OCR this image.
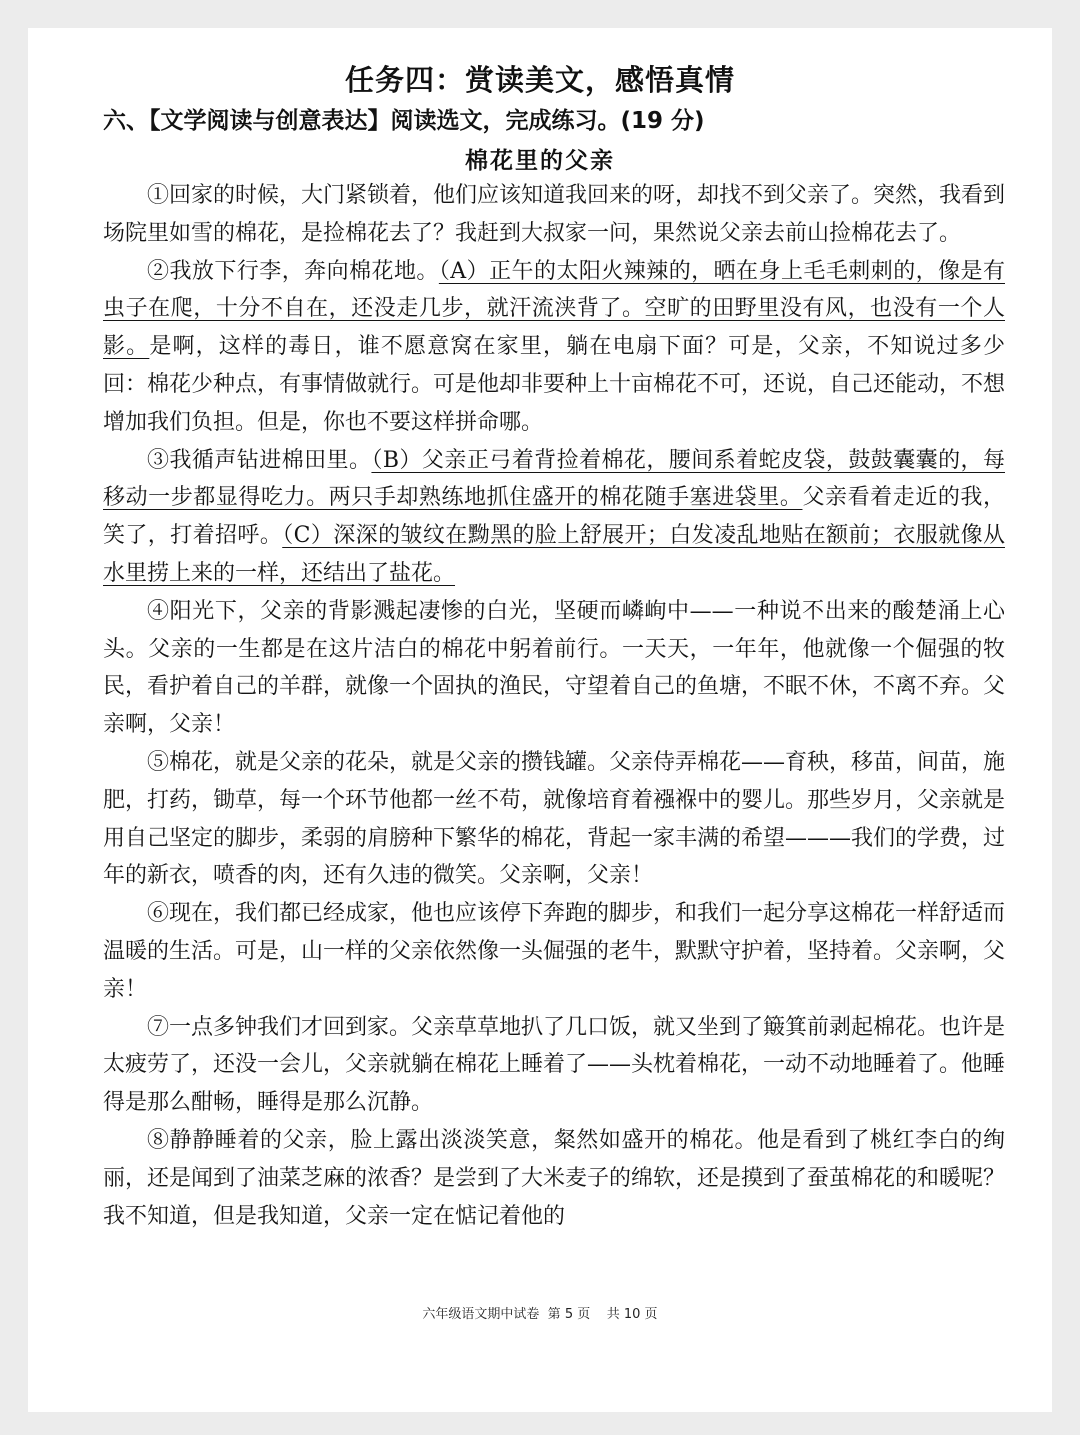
任务四：赏读美文，感悟真情
六、【文学阅读与创意表达】阅读选文，完成练习。(19 分)
棉花里的父亲

①回家的时候，大门紧锁着，他们应该知道我回来的呀，却找不到父亲了。突然，我看到场院里如雪的棉花，是捡棉花去了？我赶到大叔家一问，果然说父亲去前山捡棉花去了。

②我放下行李，奔向棉花地。（A）正午的太阳火辣辣的，晒在身上毛毛刺刺的，像是有虫子在爬，十分不自在，还没走几步，就汗流浃背了。空旷的田野里没有风，也没有一个人影。是啊，这样的毒日，谁不愿意窝在家里，躺在电扇下面？可是，父亲，不知说过多少回：棉花少种点，有事情做就行。可是他却非要种上十亩棉花不可，还说，自己还能动，不想增加我们负担。但是，你也不要这样拼命哪。

③我循声钻进棉田里。（B）父亲正弓着背捡着棉花，腰间系着蛇皮袋，鼓鼓囊囊的，每移动一步都显得吃力。两只手却熟练地抓住盛开的棉花随手塞进袋里。父亲看着走近的我，笑了，打着招呼。（C）深深的皱纹在黝黑的脸上舒展开；白发凌乱地贴在额前；衣服就像从水里捞上来的一样，还结出了盐花。

④阳光下，父亲的背影溅起凄惨的白光，坚硬而嶙峋中——一种说不出来的酸楚涌上心头。父亲的一生都是在这片洁白的棉花中躬着前行。一天天，一年年，他就像一个倔强的牧民，看护着自己的羊群，就像一个固执的渔民，守望着自己的鱼塘，不眠不休，不离不弃。父亲啊，父亲！

⑤棉花，就是父亲的花朵，就是父亲的攒钱罐。父亲侍弄棉花——育秧，移苗，间苗，施肥，打药，锄草，每一个环节他都一丝不苟，就像培育着襁褓中的婴儿。那些岁月，父亲就是用自己坚定的脚步，柔弱的肩膀种下繁华的棉花，背起一家丰满的希望———我们的学费，过年的新衣，喷香的肉，还有久违的微笑。父亲啊，父亲！

⑥现在，我们都已经成家，他也应该停下奔跑的脚步，和我们一起分享这棉花一样舒适而温暖的生活。可是，山一样的父亲依然像一头倔强的老牛，默默守护着，坚持着。父亲啊，父亲！

⑦一点多钟我们才回到家。父亲草草地扒了几口饭，就又坐到了簸箕前剥起棉花。也许是太疲劳了，还没一会儿，父亲就躺在棉花上睡着了——头枕着棉花，一动不动地睡着了。他睡得是那么酣畅，睡得是那么沉静。

⑧静静睡着的父亲，脸上露出淡淡笑意，粲然如盛开的棉花。他是看到了桃红李白的绚丽，还是闻到了油菜芝麻的浓香？是尝到了大米麦子的绵软，还是摸到了蚕茧棉花的和暖呢？我不知道，但是我知道，父亲一定在惦记着他的

六年级语文期中试卷  第 5 页    共 10 页
